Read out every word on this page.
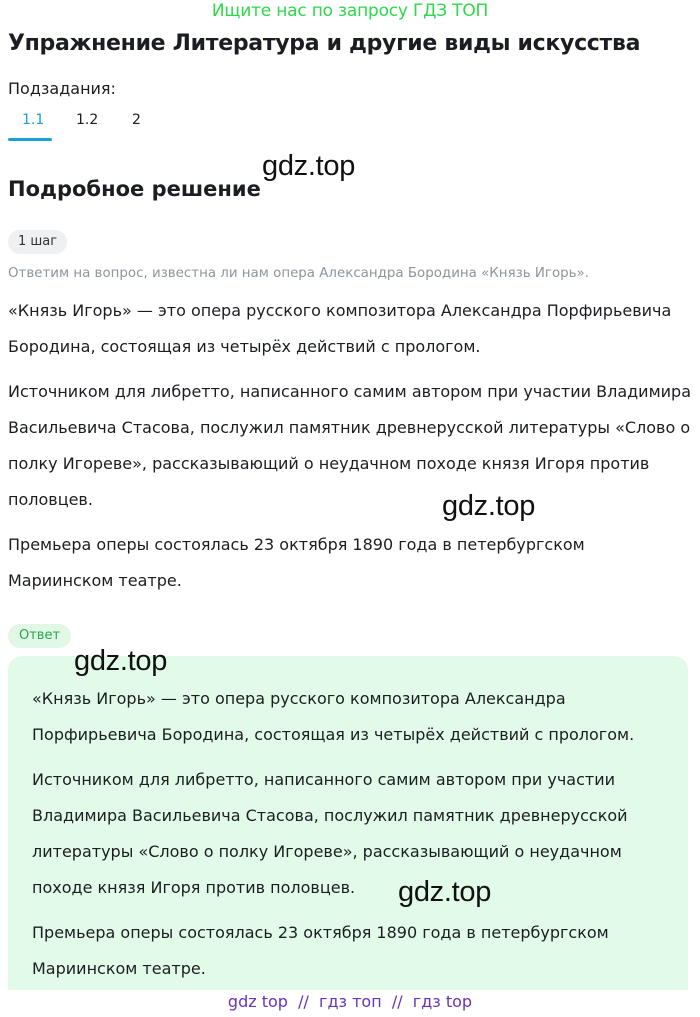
Ищите нас по запросу ГДЗ ТОП
Упражнение Литература и другие виды искусства
Подзадания:
1.1 1.2 2
gdz.top
Подробное решение
1 шаг
Ответим на вопрос, известна ли нам опера Александра Бородина «Князь Игорь».
«Князь Игорь» — это опера русского композитора Александра Порфирьевича Бородина, состоящая из четырёх действий с прологом.
Источником для либретто, написанного самим автором при участии Владимира Васильевича Стасова, послужил памятник древнерусской литературы «Слово о полку Игореве», рассказывающий о неудачном походе князя Игоря против половцев.
Премьера оперы состоялась 23 октября 1890 года в петербургском Мариинском театре.
gdz.top
Ответ
«Князь Игорь» — это опера русского композитора Александра Порфирьевича Бородина, состоящая из четырёх действий с прологом.
Источником для либретто, написанного самим автором при участии Владимира Васильевича Стасова, послужил памятник древнерусской литературы «Слово о полку Игореве», рассказывающий о неудачном походе князя Игоря против половцев.
Премьера оперы состоялась 23 октября 1890 года в петербургском Мариинском театре.
gdz.top
gdz.top
gdz top  //  гдз топ  //  гдз top
